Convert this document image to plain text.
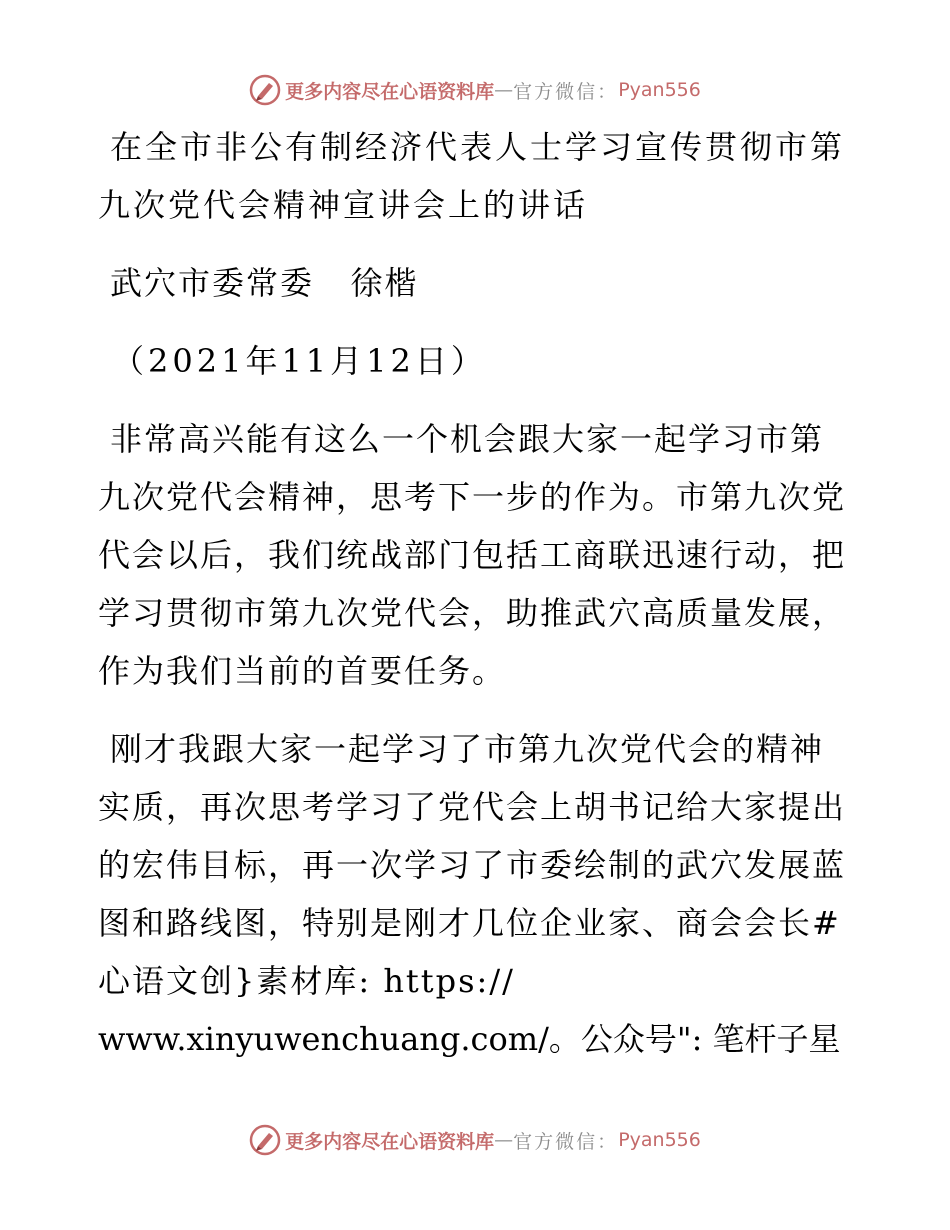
更多内容尽在心语资料库 — 官方微信： Pyan556
在全市非公有制经济代表人士学习宣传贯彻市第
九次党代会精神宣讲会上的讲话
武穴市委常委   徐楷
（2021年11月12日）
非常高兴能有这么一个机会跟大家一起学习市第
九次党代会精神，思考下一步的作为。市第九次党
代会以后，我们统战部门包括工商联迅速行动，把
学习贯彻市第九次党代会，助推武穴高质量发展，
作为我们当前的首要任务。
刚才我跟大家一起学习了市第九次党代会的精神
实质，再次思考学习了党代会上胡书记给大家提出
的宏伟目标，再一次学习了市委绘制的武穴发展蓝
图和路线图，特别是刚才几位企业家、商会会长#
心语文创}素材库: https://
www.xinyuwenchuang.com/。公众号": 笔杆子星
更多内容尽在心语资料库 — 官方微信： Pyan556
